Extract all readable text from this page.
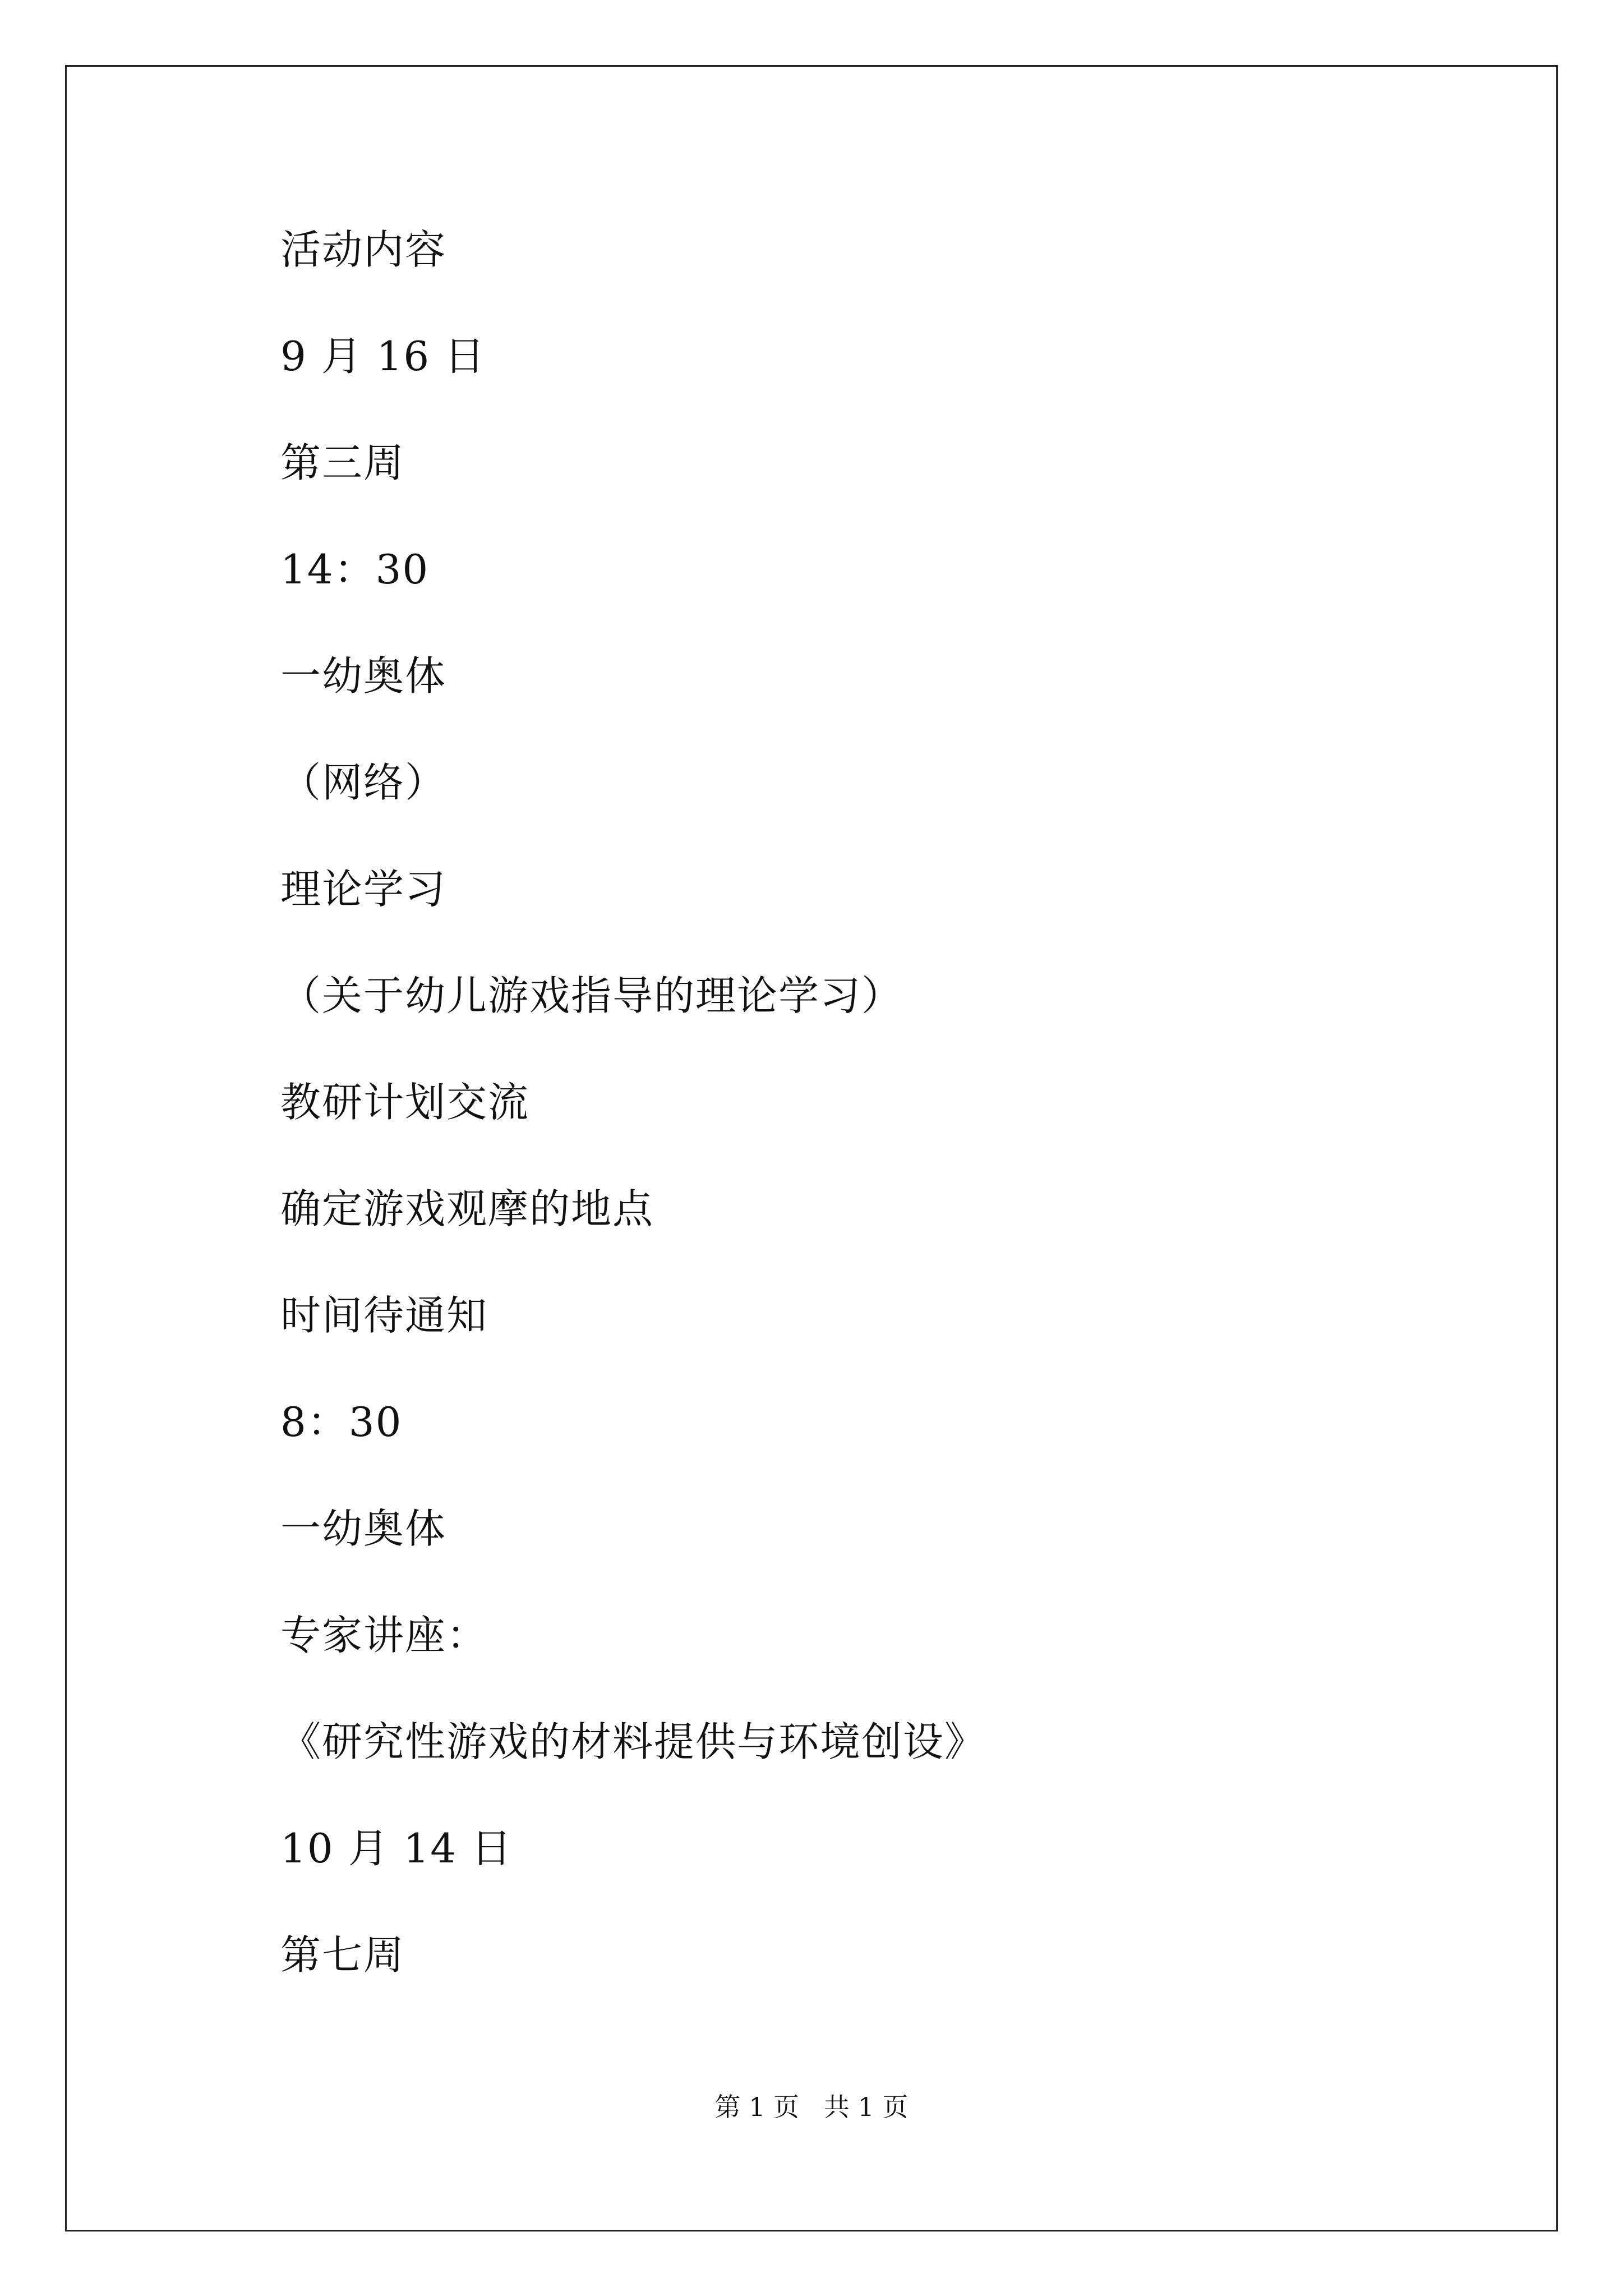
活动内容
9 月 16 日
第三周
14：30
一幼奥体
（网络）
理论学习
（关于幼儿游戏指导的理论学习）
教研计划交流
确定游戏观摩的地点
时间待通知
8：30
一幼奥体
专家讲座：
《研究性游戏的材料提供与环境创设》
10 月 14 日
第七周
第 1 页   共 1 页
